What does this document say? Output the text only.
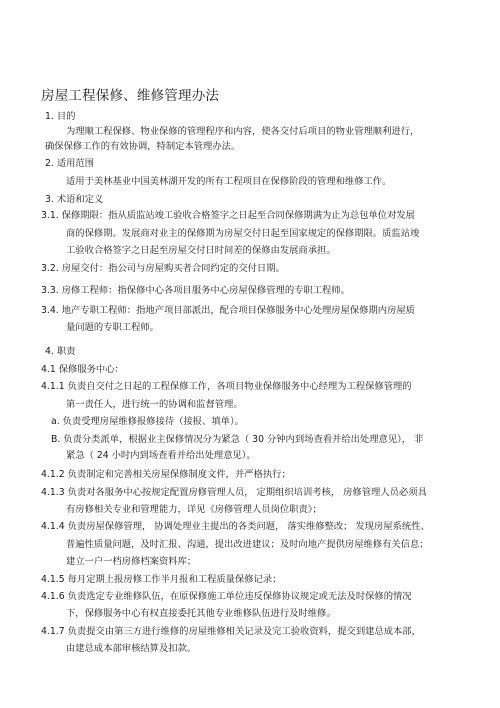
房屋工程保修、维修管理办法
1. 目的
为理顺工程保修、物业保修的管理程序和内容，使各交付后项目的物业管理顺利进行，
确保保修工作的有效协调，特制定本管理办法。
2. 适用范围
适用于美林基业中国美林湖开发的所有工程项目在保修阶段的管理和维修工作。
3. 术语和定义
3.1. 保修期限：指从质监站竣工验收合格签字之日起至合同保修期满为止为总包单位对发展
商的保修期。发展商对业主的保修期为房屋交付日起至国家规定的保修期限。质监站竣
工验收合格签字之日起至房屋交付日时间差的保修由发展商承担。
3.2. 房屋交付：指公司与房屋购买者合同约定的交付日期。
3.3. 房修工程师：指保修中心各项目服务中心房屋保修管理的专职工程师。
3.4. 地产专职工程师：指地产项目部派出，配合项目保修服务中心处理房屋保修期内房屋质
量问题的专职工程师。
4. 职责
4.1 保修服务中心：
4.1.1 负责自交付之日起的工程保修工作，各项目物业保修服务中心经理为工程保修管理的
第一责任人，进行统一的协调和监督管理。
a. 负责受理房屋维修报修接待（接报、填单）。
B. 负责分类派单，根据业主保修情况分为紧急（ 30 分钟内到场查看并给出处理意见）， 非
紧急（ 24 小时内到场查看并给出处理意见）。
4.1.2 负责制定和完善相关房屋保修制度文件，并严格执行；
4.1.3 负责对各服务中心按规定配置房修管理人员， 定期组织培训考核， 房修管理人员必须具
有房修相关专业和管理能力，详见《房修管理人员岗位职责》；
4.1.4 负责房屋保修管理， 协调处理业主提出的各类问题， 落实维修整改； 发现房屋系统性、
普遍性质量问题，及时汇报、沟通，提出改进建议；及时向地产提供房屋维修有关信息；
建立一户一档房修档案资料库；
4.1.5 每月定期上报房修工作半月报和工程质量保修记录；
4.1.6 负责选定专业维修队伍，在原保修施工单位违反保修协议规定或无法及时保修的情况
下，保修服务中心有权直接委托其他专业维修队伍进行及时维修。
4.1.7 负责提交由第三方进行维修的房屋维修相关记录及完工验收资料，提交到建总成本部，
由建总成本部审核结算及扣款。
